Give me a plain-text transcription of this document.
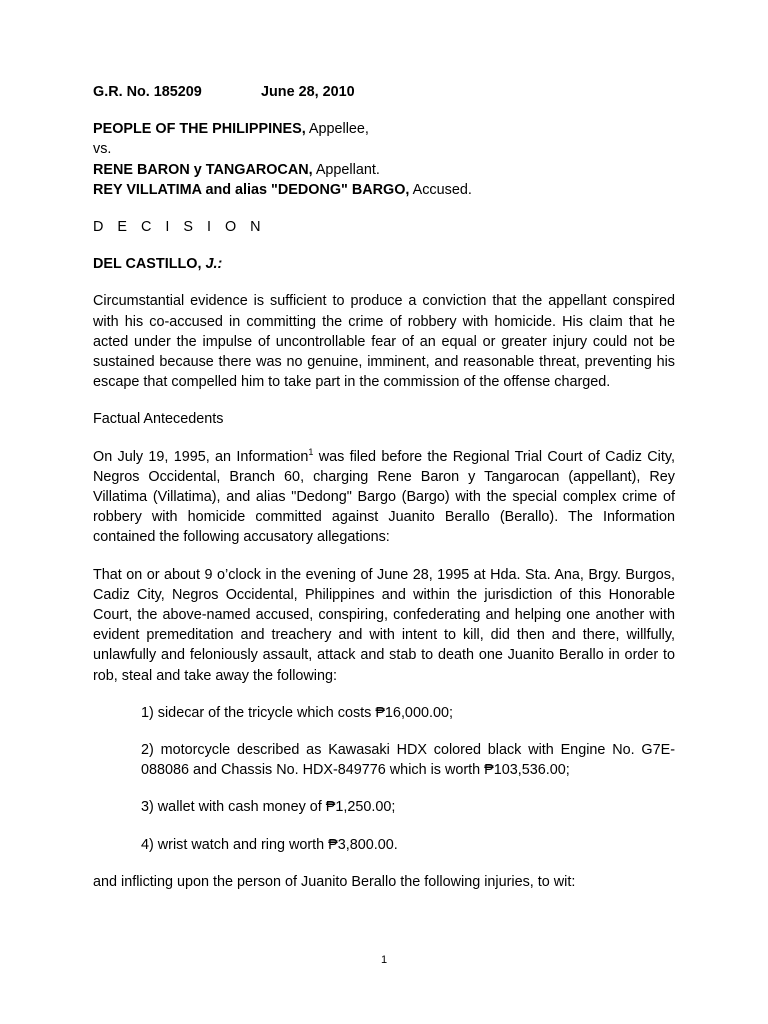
G.R. No. 185209	June 28, 2010

PEOPLE OF THE PHILIPPINES, Appellee,

vs.

RENE BARON y TANGAROCAN, Appellant.

REY VILLATIMA and alias "DEDONG" BARGO, Accused.

D E C I S I O N

DEL CASTILLO, J.:

Circumstantial evidence is sufficient to produce a conviction that the appellant conspired with his co-accused in committing the crime of robbery with homicide. His claim that he acted under the impulse of uncontrollable fear of an equal or greater injury could not be sustained because there was no genuine, imminent, and reasonable threat, preventing his escape that compelled him to take part in the commission of the offense charged.

Factual Antecedents

On July 19, 1995, an Information$^1$ was filed before the Regional Trial Court of Cadiz City, Negros Occidental, Branch 60, charging Rene Baron y Tangarocan (appellant), Rey Villatima (Villatima), and alias "Dedong" Bargo (Bargo) with the special complex crime of robbery with homicide committed against Juanito Berallo (Berallo). The Information contained the following accusatory allegations:

That on or about 9 o’clock in the evening of June 28, 1995 at Hda. Sta. Ana, Brgy. Burgos, Cadiz City, Negros Occidental, Philippines and within the jurisdiction of this Honorable Court, the above-named accused, conspiring, confederating and helping one another with evident premeditation and treachery and with intent to kill, did then and there, willfully, unlawfully and feloniously assault, attack and stab to death one Juanito Berallo in order to rob, steal and take away the following:

1) sidecar of the tricycle which costs ₱16,000.00;

2) motorcycle described as Kawasaki HDX colored black with Engine No. G7E-088086 and Chassis No. HDX-849776 which is worth ₱103,536.00;

3) wallet with cash money of ₱1,250.00;

4) wrist watch and ring worth ₱3,800.00.

and inflicting upon the person of Juanito Berallo the following injuries, to wit:

1
